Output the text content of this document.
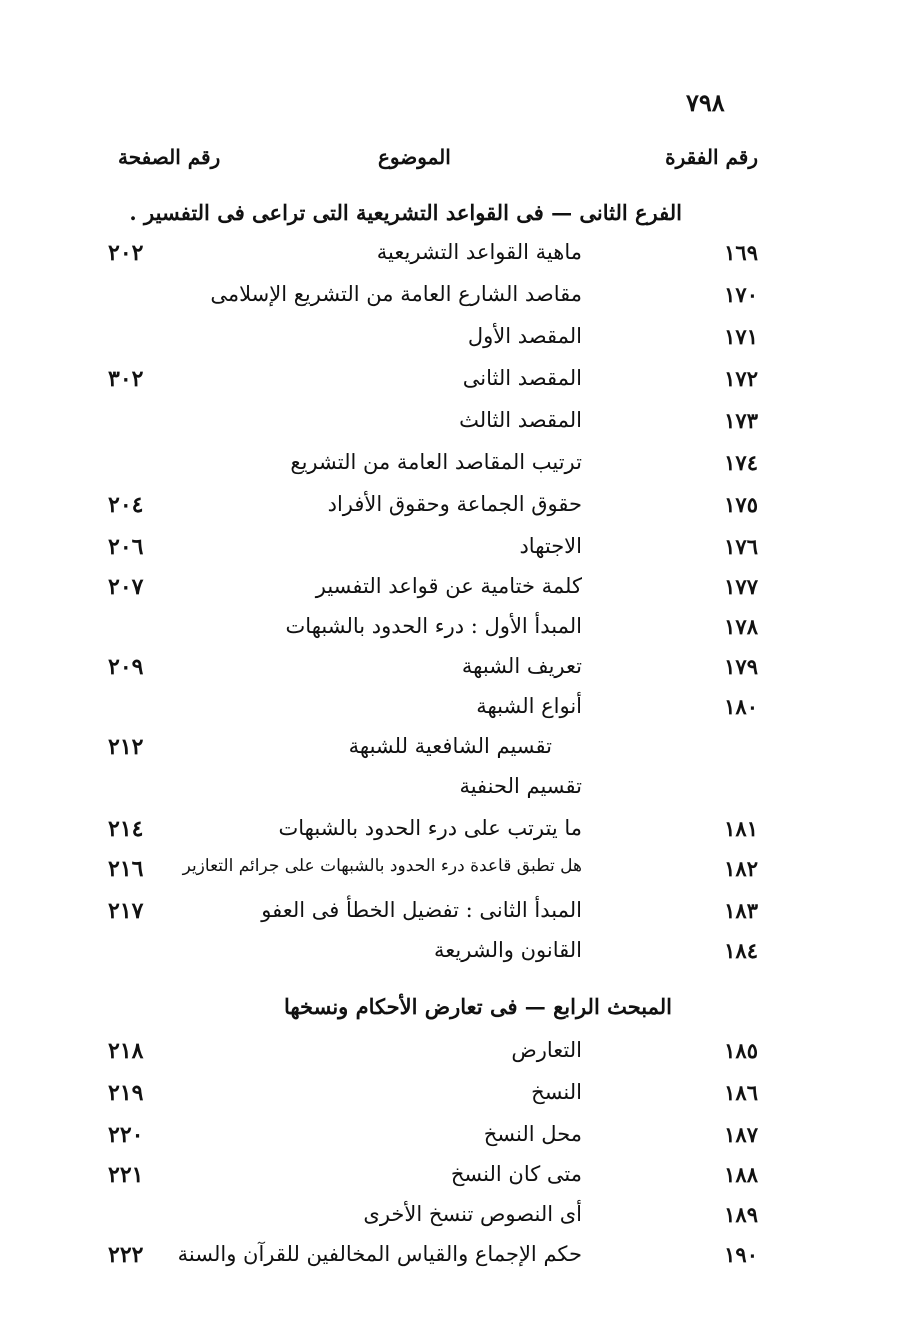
٧٩٨
رقم الفقرة
الموضوع
رقم الصفحة
الفرع الثانى — فى القواعد التشريعية التى تراعى فى التفسير .
١٦٩
ماهية القواعد التشريعية
٢٠٢
١٧٠
مقاصد الشارع العامة من التشريع الإسلامى
١٧١
المقصد الأول
١٧٢
المقصد الثانى
٣٠٢
١٧٣
المقصد الثالث
١٧٤
ترتيب المقاصد العامة من التشريع
١٧٥
حقوق الجماعة وحقوق الأفراد
٢٠٤
١٧٦
الاجتهاد
٢٠٦
١٧٧
كلمة ختامية عن قواعد التفسير
٢٠٧
١٧٨
المبدأ الأول : درء الحدود بالشبهات
١٧٩
تعريف الشبهة
٢٠٩
١٨٠
أنواع الشبهة
تقسيم الشافعية للشبهة
٢١٢
تقسيم الحنفية
١٨١
ما يترتب على درء الحدود بالشبهات
٢١٤
١٨٢
هل تطبق قاعدة درء الحدود بالشبهات على جرائم التعازير
٢١٦
١٨٣
المبدأ الثانى : تفضيل الخطأ فى العفو
٢١٧
١٨٤
القانون والشريعة
المبحث الرابع — فى تعارض الأحكام ونسخها
١٨٥
التعارض
٢١٨
١٨٦
النسخ
٢١٩
١٨٧
محل النسخ
٢٢٠
١٨٨
متى كان النسخ
٢٢١
١٨٩
أى النصوص تنسخ الأخرى
١٩٠
حكم الإجماع والقياس المخالفين للقرآن والسنة
٢٢٢
